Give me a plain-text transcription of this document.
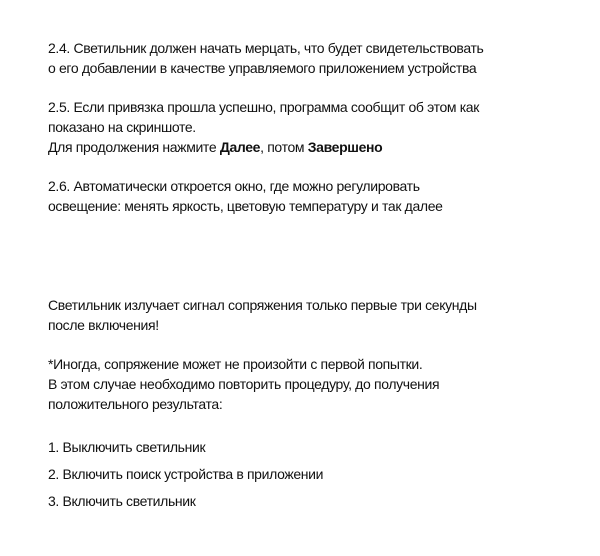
2.4. Светильник должен начать мерцать, что будет свидетельствовать
о его добавлении в качестве управляемого приложением устройства

2.5. Если привязка прошла успешно, программа сообщит об этом как
показано на скриншоте.
Для продолжения нажмите Далее, потом Завершено

2.6. Автоматически откроется окно, где можно регулировать
освещение: менять яркость, цветовую температуру и так далее

Светильник излучает сигнал сопряжения только первые три секунды
после включения!

*Иногда, сопряжение может не произойти с первой попытки.
В этом случае необходимо повторить процедуру, до получения
положительного результата:

1. Выключить светильник
2. Включить поиск устройства в приложении
3. Включить светильник
